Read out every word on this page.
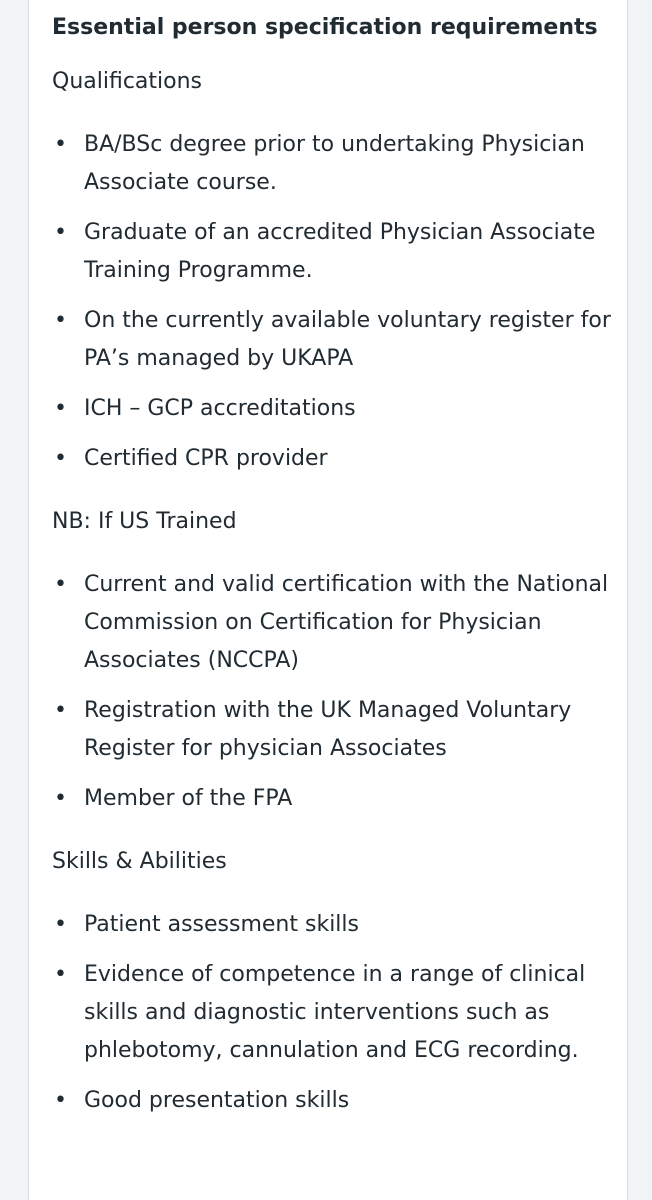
Essential person specification requirements
Qualifications
• BA/BSc degree prior to undertaking Physician Associate course.
• Graduate of an accredited Physician Associate Training Programme.
• On the currently available voluntary register for PA’s managed by UKAPA
• ICH – GCP accreditations
• Certified CPR provider
NB: If US Trained
• Current and valid certification with the National Commission on Certification for Physician Associates (NCCPA)
• Registration with the UK Managed Voluntary Register for physician Associates
• Member of the FPA
Skills & Abilities
• Patient assessment skills
• Evidence of competence in a range of clinical skills and diagnostic interventions such as phlebotomy, cannulation and ECG recording.
• Good presentation skills
